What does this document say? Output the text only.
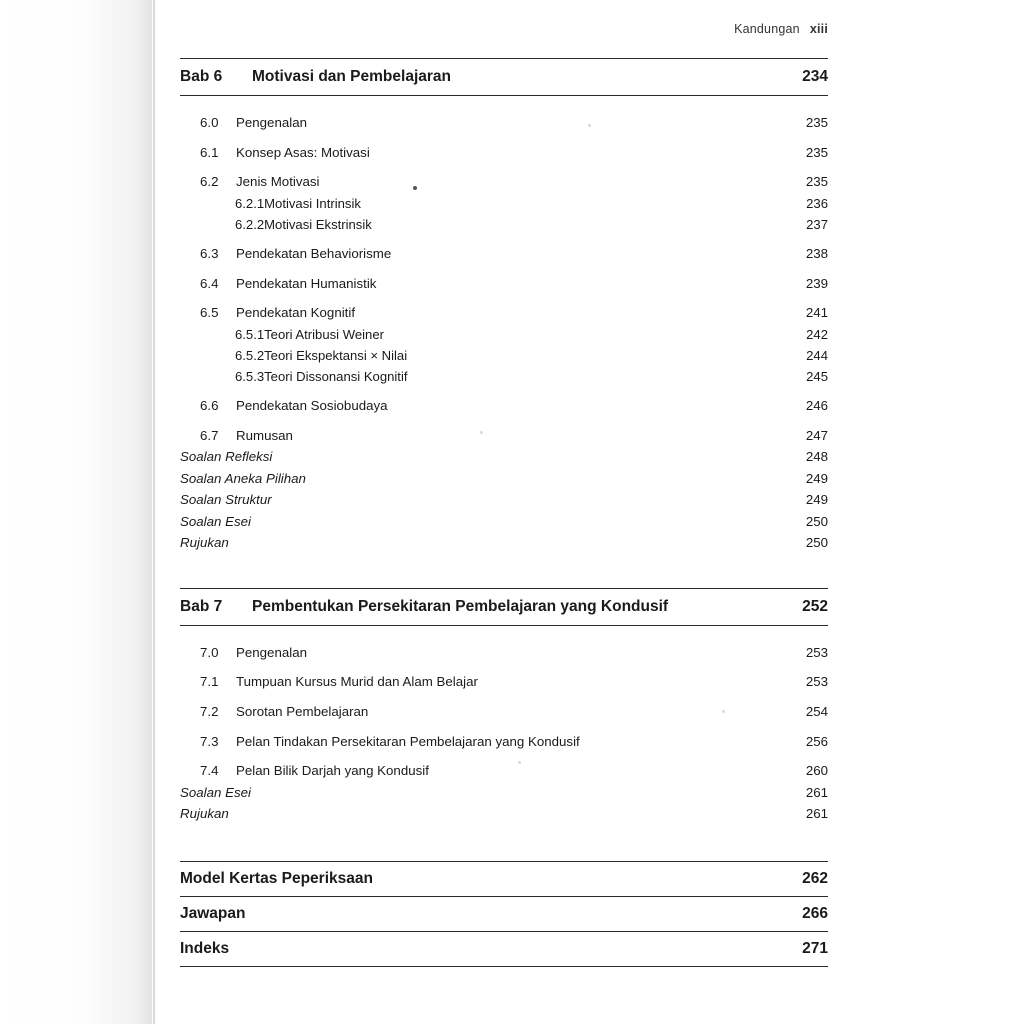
Kandungan xiii
Bab 6	Motivasi dan Pembelajaran	234
6.0	Pengenalan	235
6.1	Konsep Asas: Motivasi	235
6.2	Jenis Motivasi	235
6.2.1 Motivasi Intrinsik	236
6.2.2 Motivasi Ekstrinsik	237
6.3	Pendekatan Behaviorisme	238
6.4	Pendekatan Humanistik	239
6.5	Pendekatan Kognitif	241
6.5.1 Teori Atribusi Weiner	242
6.5.2 Teori Ekspektansi × Nilai	244
6.5.3 Teori Dissonansi Kognitif	245
6.6	Pendekatan Sosiobudaya	246
6.7	Rumusan	247
Soalan Refleksi	248
Soalan Aneka Pilihan	249
Soalan Struktur	249
Soalan Esei	250
Rujukan	250
Bab 7	Pembentukan Persekitaran Pembelajaran yang Kondusif	252
7.0	Pengenalan	253
7.1	Tumpuan Kursus Murid dan Alam Belajar	253
7.2	Sorotan Pembelajaran	254
7.3	Pelan Tindakan Persekitaran Pembelajaran yang Kondusif	256
7.4	Pelan Bilik Darjah yang Kondusif	260
Soalan Esei	261
Rujukan	261
Model Kertas Peperiksaan	262
Jawapan	266
Indeks	271
